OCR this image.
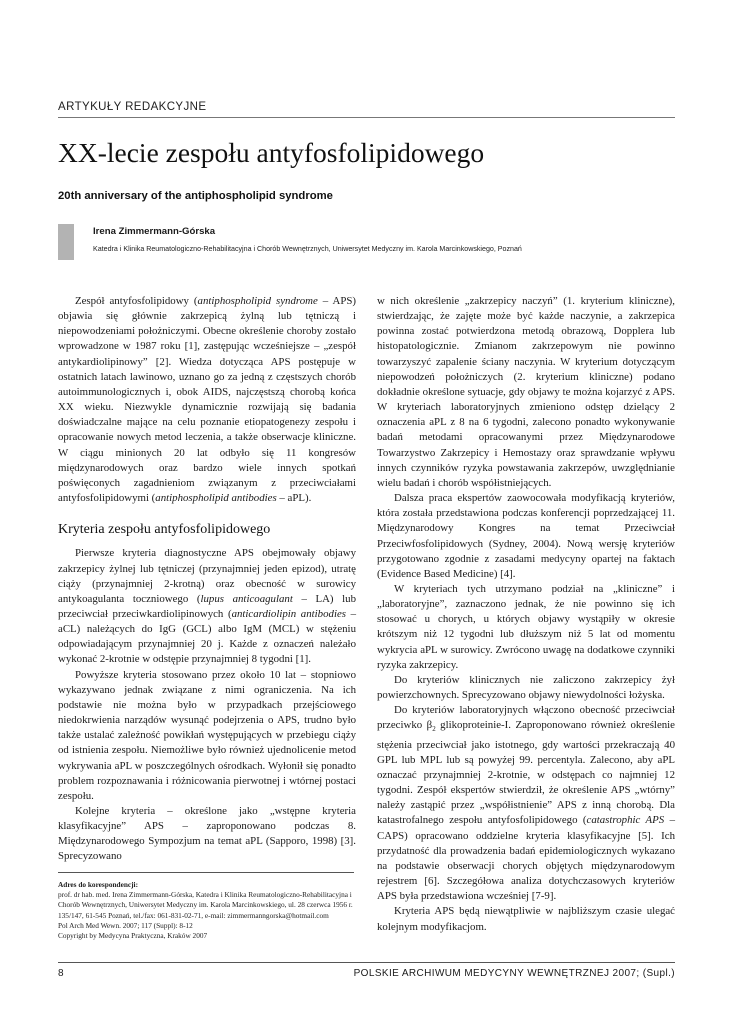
ARTYKUŁY REDAKCYJNE
XX-lecie zespołu antyfosfolipidowego
20th anniversary of the antiphospholipid syndrome
Irena Zimmermann-Górska
Katedra i Klinika Reumatologiczno-Rehabilitacyjna i Chorób Wewnętrznych, Uniwersytet Medyczny im. Karola Marcinkowskiego, Poznań

Zespół antyfosfolipidowy (antiphospholipid syndrome – APS) objawia się głównie zakrzepicą żylną lub tętniczą i niepowodzeniami położniczymi. Obecne określenie choroby zostało wprowadzone w 1987 roku [1], zastępując wcześniejsze – „zespół antykardiolipinowy” [2]. Wiedza dotycząca APS postępuje w ostatnich latach lawinowo, uznano go za jedną z częstszych chorób autoimmunologicznych i, obok AIDS, najczęstszą chorobą końca XX wieku. Niezwykle dynamicznie rozwijają się badania doświadczalne mające na celu poznanie etiopatogenezy zespołu i opracowanie nowych metod leczenia, a także obserwacje kliniczne. W ciągu minionych 20 lat odbyło się 11 kongresów międzynarodowych oraz bardzo wiele innych spotkań poświęconych zagadnieniom związanym z przeciwciałami antyfosfolipidowymi (antiphospholipid antibodies – aPL).

Kryteria zespołu antyfosfolipidowego

Pierwsze kryteria diagnostyczne APS obejmowały objawy zakrzepicy żylnej lub tętniczej (przynajmniej jeden epizod), utratę ciąży (przynajmniej 2-krotną) oraz obecność w surowicy antykoagulanta toczniowego (lupus anticoagulant – LA) lub przeciwciał przeciwkardiolipinowych (anticardiolipin antibodies – aCL) należących do IgG (GCL) albo IgM (MCL) w stężeniu odpowiadającym przynajmniej 20 j. Każde z oznaczeń należało wykonać 2-krotnie w odstępie przynajmniej 8 tygodni [1].

Powyższe kryteria stosowano przez około 10 lat – stopniowo wykazywano jednak związane z nimi ograniczenia. Na ich podstawie nie można było w przypadkach przejściowego niedokrwienia narządów wysunąć podejrzenia o APS, trudno było także ustalać zależność powikłań występujących w przebiegu ciąży od istnienia zespołu. Niemożliwe było również ujednolicenie metod wykrywania aPL w poszczególnych ośrodkach. Wyłonił się ponadto problem rozpoznawania i różnicowania pierwotnej i wtórnej postaci zespołu.

Kolejne kryteria – określone jako „wstępne kryteria klasyfikacyjne” APS – zaproponowano podczas 8. Międzynarodowego Sympozjum na temat aPL (Sapporo, 1998) [3]. Sprecyzowano

w nich określenie „zakrzepicy naczyń” (1. kryterium kliniczne), stwierdzając, że zajęte może być każde naczynie, a zakrzepica powinna zostać potwierdzona metodą obrazową, Dopplera lub histopatologicznie. Zmianom zakrzepowym nie powinno towarzyszyć zapalenie ściany naczynia. W kryterium dotyczącym niepowodzeń położniczych (2. kryterium kliniczne) podano dokładnie określone sytuacje, gdy objawy te można kojarzyć z APS. W kryteriach laboratoryjnych zmieniono odstęp dzielący 2 oznaczenia aPL z 8 na 6 tygodni, zalecono ponadto wykonywanie badań metodami opracowanymi przez Międzynarodowe Towarzystwo Zakrzepicy i Hemostazy oraz sprawdzanie wpływu innych czynników ryzyka powstawania zakrzepów, uwzględnianie wielu badań i chorób współistniejących.

Dalsza praca ekspertów zaowocowała modyfikacją kryteriów, która została przedstawiona podczas konferencji poprzedzającej 11. Międzynarodowy Kongres na temat Przeciwciał Przeciwfosfolipidowych (Sydney, 2004). Nową wersję kryteriów przygotowano zgodnie z zasadami medycyny opartej na faktach (Evidence Based Medicine) [4].

W kryteriach tych utrzymano podział na „kliniczne” i „laboratoryjne”, zaznaczono jednak, że nie powinno się ich stosować u chorych, u których objawy wystąpiły w okresie krótszym niż 12 tygodni lub dłuższym niż 5 lat od momentu wykrycia aPL w surowicy. Zwrócono uwagę na dodatkowe czynniki ryzyka zakrzepicy.

Do kryteriów klinicznych nie zaliczono zakrzepicy żył powierzchownych. Sprecyzowano objawy niewydolności łożyska.

Do kryteriów laboratoryjnych włączono obecność przeciwciał przeciwko $\beta_2$ glikoproteinie-I. Zaproponowano również określenie stężenia przeciwciał jako istotnego, gdy wartości przekraczają 40 GPL lub MPL lub są powyżej 99. percentyla. Zalecono, aby aPL oznaczać przynajmniej 2-krotnie, w odstępach co najmniej 12 tygodni. Zespół ekspertów stwierdził, że określenie APS „wtórny” należy zastąpić przez „współistnienie” APS z inną chorobą. Dla katastrofalnego zespołu antyfosfolipidowego (catastrophic APS – CAPS) opracowano oddzielne kryteria klasyfikacyjne [5]. Ich przydatność dla prowadzenia badań epidemiologicznych wykazano na podstawie obserwacji chorych objętych międzynarodowym rejestrem [6]. Szczegółowa analiza dotychczasowych kryteriów APS była przedstawiona wcześniej [7-9].

Kryteria APS będą niewątpliwie w najbliższym czasie ulegać kolejnym modyfikacjom.

Adres do korespondencji:
prof. dr hab. med. Irena Zimmermann-Górska, Katedra i Klinika Reumatologiczno-Rehabilitacyjna i Chorób Wewnętrznych, Uniwersytet Medyczny im. Karola Marcinkowskiego, ul. 28 czerwca 1956 r. 135/147, 61-545 Poznań, tel./fax: 061-831-02-71, e-mail: zimmermanngorska@hotmail.com
Pol Arch Med Wewn. 2007; 117 (Suppl): 8-12
Copyright by Medycyna Praktyczna, Kraków 2007
8	POLSKIE ARCHIWUM MEDYCYNY WEWNĘTRZNEJ 2007; (Supl.)
